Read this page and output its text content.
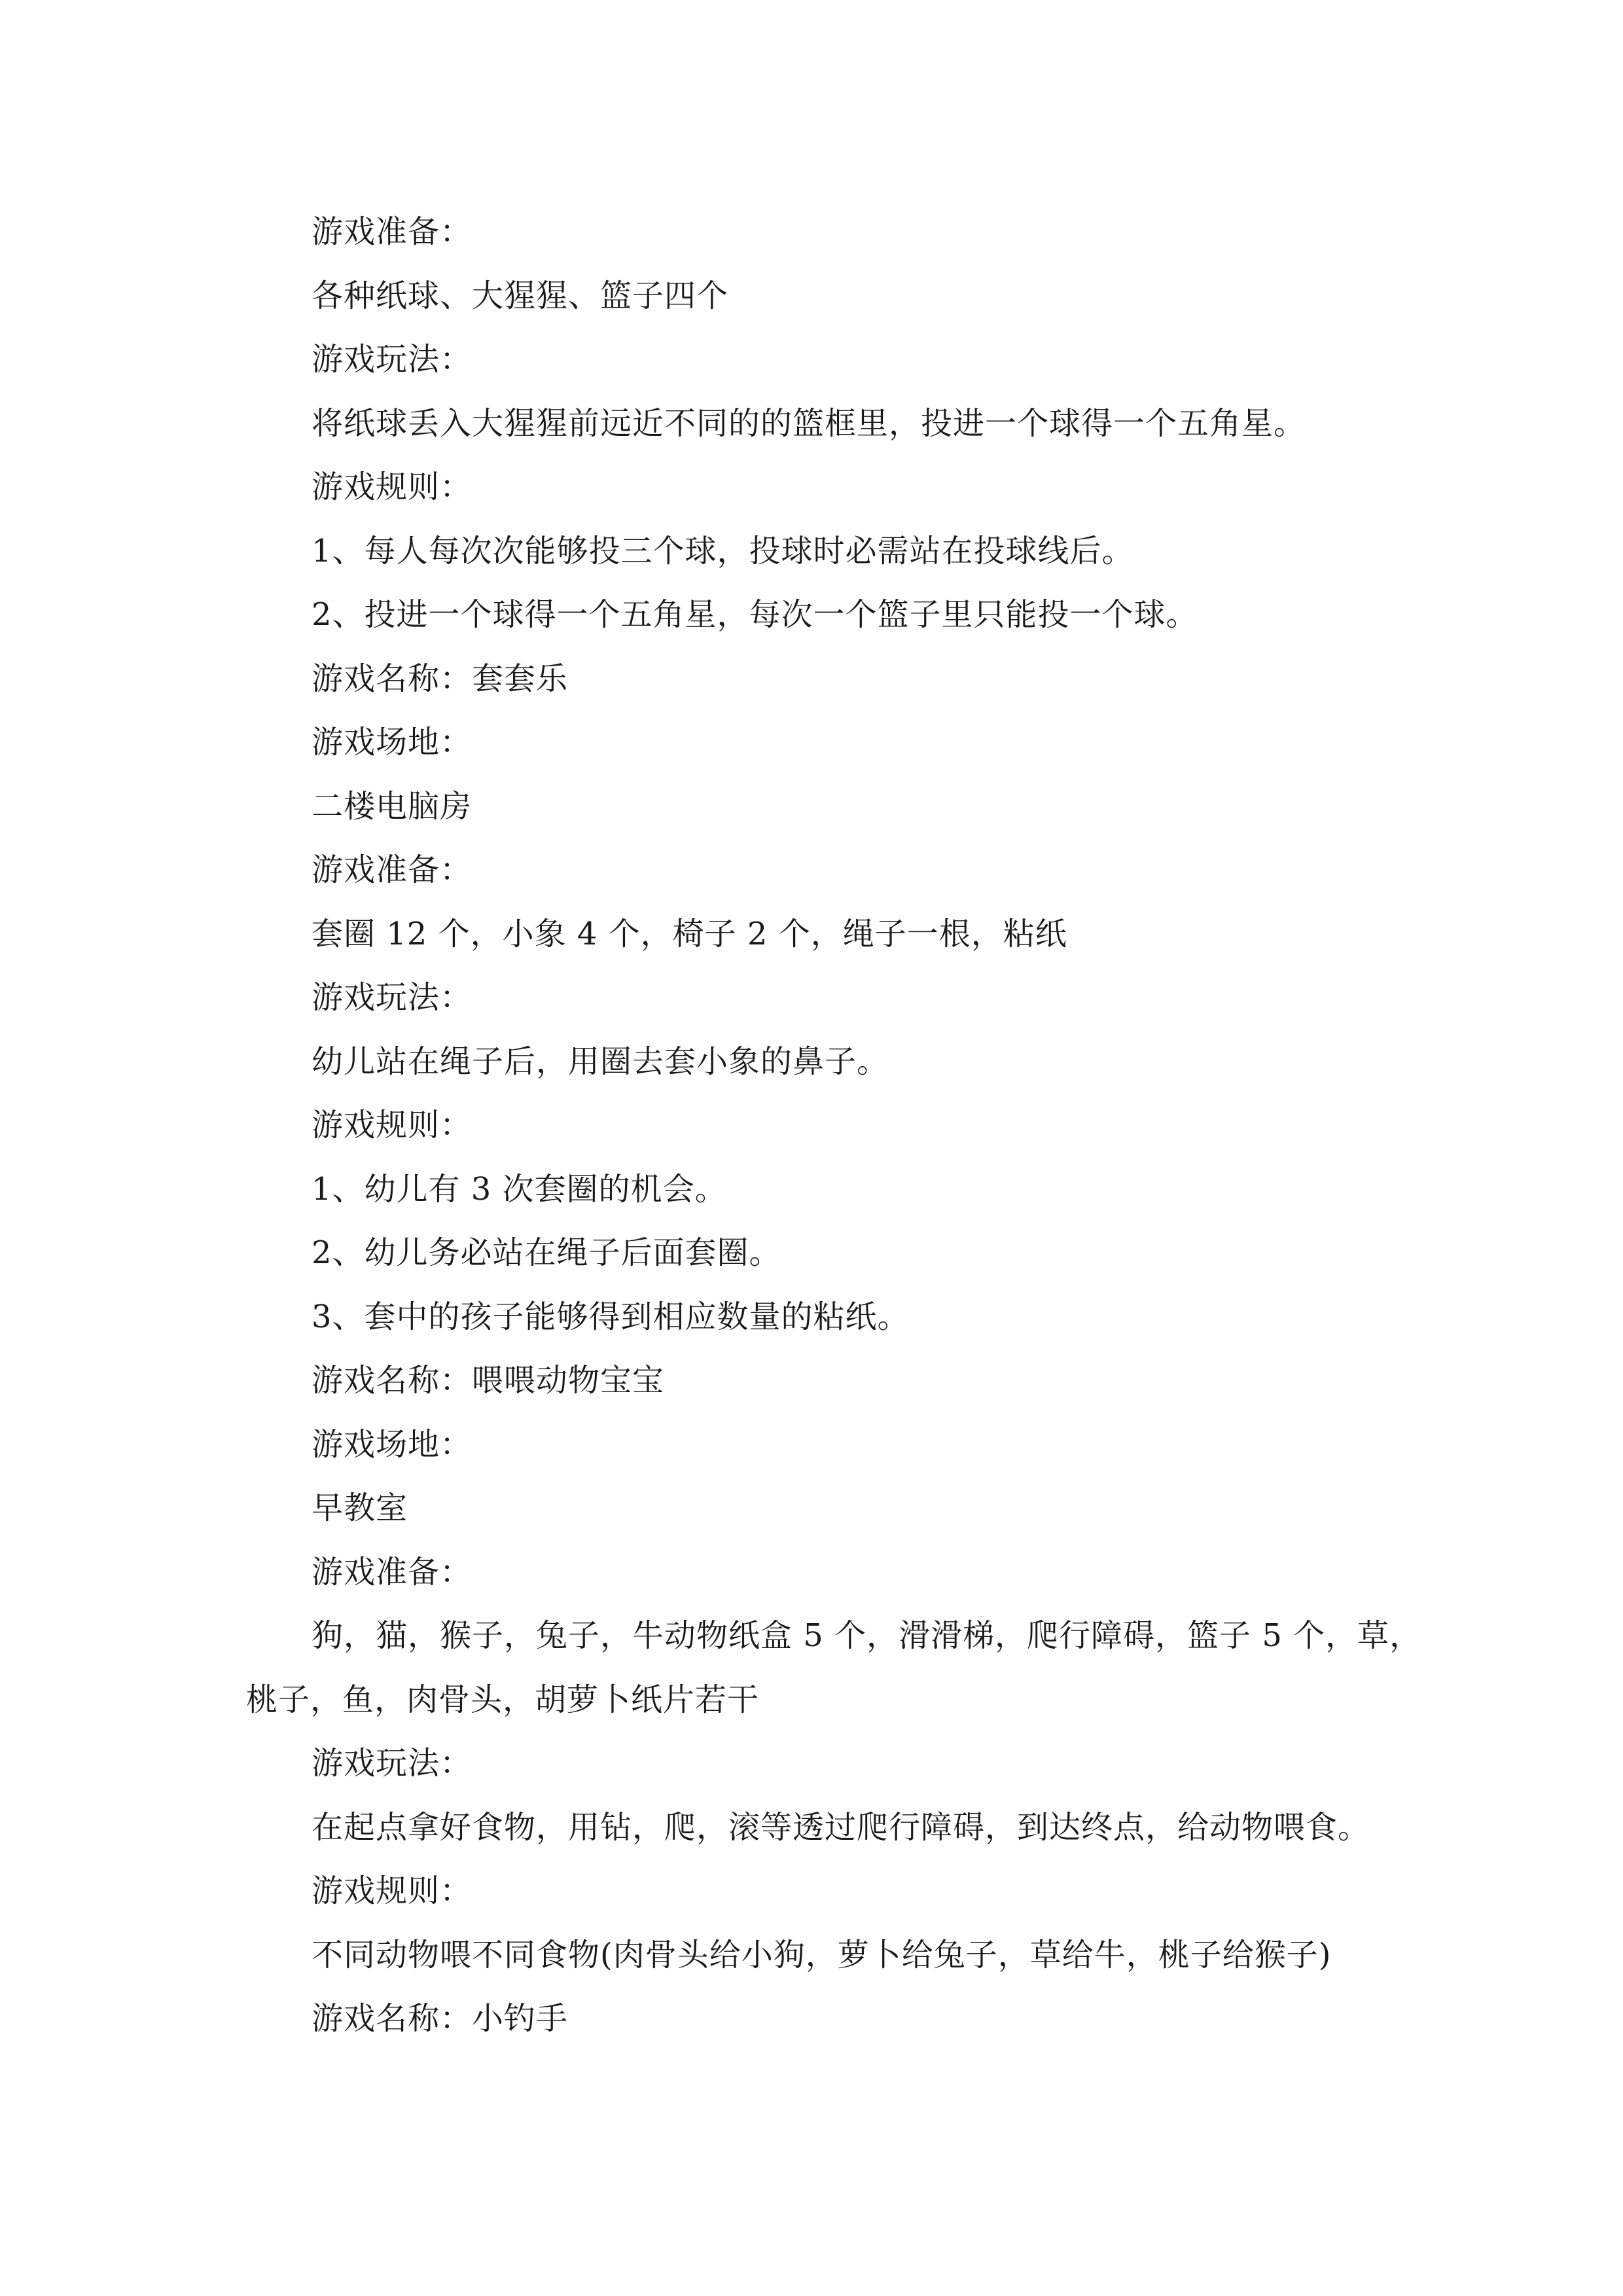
游戏准备：
各种纸球、大猩猩、篮子四个
游戏玩法：
将纸球丢入大猩猩前远近不同的的篮框里，投进一个球得一个五角星。
游戏规则：
1、每人每次次能够投三个球，投球时必需站在投球线后。
2、投进一个球得一个五角星，每次一个篮子里只能投一个球。
游戏名称：套套乐
游戏场地：
二楼电脑房
游戏准备：
套圈 12 个，小象 4 个，椅子 2 个，绳子一根，粘纸
游戏玩法：
幼儿站在绳子后，用圈去套小象的鼻子。
游戏规则：
1、幼儿有 3 次套圈的机会。
2、幼儿务必站在绳子后面套圈。
3、套中的孩子能够得到相应数量的粘纸。
游戏名称：喂喂动物宝宝
游戏场地：
早教室
游戏准备：
狗，猫，猴子，兔子，牛动物纸盒 5 个，滑滑梯，爬行障碍，篮子 5 个，草，
桃子，鱼，肉骨头，胡萝卜纸片若干
游戏玩法：
在起点拿好食物，用钻，爬，滚等透过爬行障碍，到达终点，给动物喂食。
游戏规则：
不同动物喂不同食物(肉骨头给小狗，萝卜给兔子，草给牛，桃子给猴子)
游戏名称：小钓手
